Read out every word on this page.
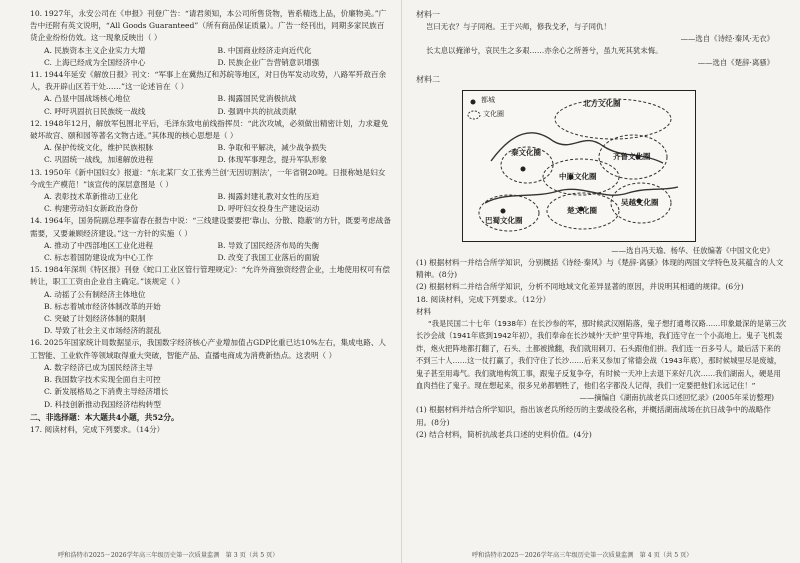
10. 1927年，永安公司在《申报》刊登广告：“请君须知，本公司所售货物，皆系精选上品，价廉物美。”广告中还附有英文说明，“All Goods Guaranteed”（所有商品保证质量）。广告一经刊出，同期多家民族百货企业纷纷仿效。这一现象反映出（ ）

A. 民族资本主义企业实力大增	B. 中国商业经济走向近代化
C. 上海已经成为全国经济中心	D. 民族企业广告营销意识增强

11. 1944年延安《解放日报》刊文：“军事上在冀热辽和苏皖等地区，对日伪军发动攻势，八路军歼敌百余人，我开辟山区若干处……”这一论述旨在（ ）

A. 凸显中国战场核心地位	B. 揭露国民党消极抗战
C. 呼吁巩固抗日民族统一战线	D. 强调中共的抗战贡献

12. 1948年12月，解放军包围北平后，毛泽东致电前线指挥员：“此次攻城，必须做出精密计划，力求避免破坏故宫、颐和园等著名文物古迹。”其体现的核心思想是（ ）

A. 保护传统文化，维护民族根脉	B. 争取和平解决，减少战争损失
C. 巩固统一战线，加速解放进程	D. 体现军事理念，提升军队形象

13. 1950年《新中国妇女》报道：“东北某厂女工张秀兰创‘无因切割法’，一年省钢20吨。日报称她是妇女今成生产模范！”该宣传的深层意图是（ ）

A. 表彰技术革新推动工业化	B. 揭露封建礼教对女性的压迫
C. 构建劳动妇女新政治身份	D. 呼吁妇女投身生产建设运动

14. 1964年，国务院副总理李富春在报告中说：“三线建设要要把‘靠山、分散、隐蔽’的方针，既要考虑战备需要，又要兼顾经济建设。”这一方针的实施（ ）

A. 推动了中西部地区工业化进程	B. 导致了国民经济布局的失衡
C. 标志着国防建设成为中心工作	D. 改变了我国工业落后的面貌

15. 1984年深圳《特区报》刊登《蛇口工业区管行管理规定》：“允许外商独资经营企业，土地使用权可有偿转让，职工工资由企业自主确定。”该规定（ ）

A. 动摇了公有制经济主体地位
B. 标志着城市经济体制改革的开始
C. 突破了计划经济体制的限制
D. 导致了社会主义市场经济的混乱

16. 2025年国家统计局数据显示，我国数字经济核心产业增加值占GDP比重已达10%左右，集成电路、人工智能、工业软件等领域取得重大突破，智能产品、直播电商成为消费新热点。这表明（ ）

A. 数字经济已成为国民经济主导
B. 我国数字技术实现全面自主可控
C. 新发展格局之下消费主导经济增长
D. 科技创新推动我国经济结构转型

二、非选择题：本大题共4小题，共52分。

17. 阅读材料，完成下列要求。（14分）

呼和浩特市2025－2026学年高三年级历史第一次质量监测　第 3 页（共 5 页）

材料一

岂曰无衣？与子同袍。王于兴师，修我戈矛，与子同仇！

——选自《诗经·秦风·无衣》

长太息以掩涕兮，哀民生之多艰……亦余心之所善兮，虽九死其犹未悔。

——选自《楚辞·离骚》

材料二

都城
文化圈
北方文化圈
齐鲁文化圈
中原文化圈
吴越文化圈
楚文化圈
巴蜀文化圈
秦文化圈

——选自冯天瑜、杨华、任放编著《中国文化史》

(1) 根据材料一并结合所学知识，分别概括《诗经·秦风》与《楚辞·离骚》体现的两国文学特色及其蕴含的人文精神。(8分)

(2) 根据材料二并结合所学知识，分析不同地域文化差异显著的原因，并说明其相通的规律。(6分)

18. 阅读材料，完成下列要求。（12分）

材料

“我是民国二十七年（1938年）在长沙参的军，那时候武汉刚陷落，鬼子想打通粤汉路……印象最深的是第三次长沙会战（1941年底到1942年初），我们奉命在长沙城外‘天炉’里守阵地，我们连守在一个小高地上。鬼子飞机轰炸，炮火把阵地都打翻了，石头、土都被掀翻，我们就用刺刀、石头跟他们拼。我们连一百多号人，最后活下来的不到三十人……这一仗打赢了，我们守住了长沙……后来又参加了常德会战（1943年底），那时候城里尽是废墟，鬼子甚至用毒气。我们就地构筑工事，跟鬼子反复争夺，有时候一天冲上去退下来好几次……我们湖南人，硬是用血肉挡住了鬼子。现在想起来，很多兄弟都牺牲了，他们名字都没人记得，我们一定要把他们永远记住！”

——摘编自《湖南抗战老兵口述回忆录》(2005年采访整理)

(1) 根据材料并结合所学知识，指出该老兵所经历的主要战役名称，并概括湖南战场在抗日战争中的战略作用。(8分)

(2) 结合材料，简析抗战老兵口述的史料价值。(4分)

呼和浩特市2025－2026学年高三年级历史第一次质量监测　第 4 页（共 5 页）
